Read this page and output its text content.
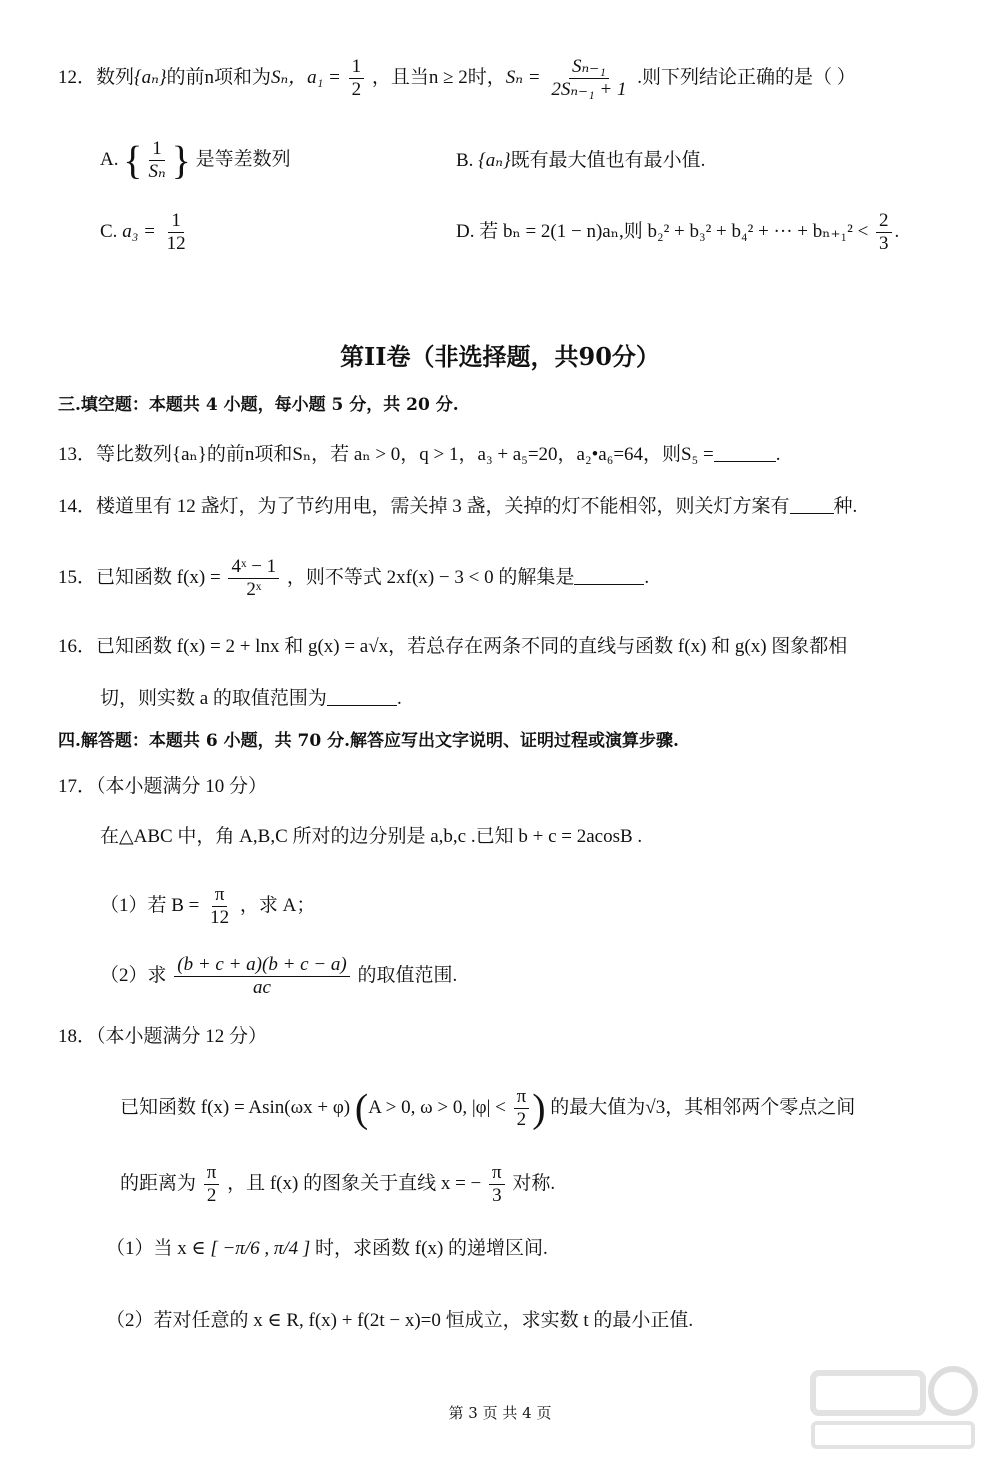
12．数列{aₙ}的前n项和为Sₙ，$a_1 = \frac{1}{2}$ ，且当n ≥ 2时，$S_n = \frac{\text{Sₙ₋₁}}{\text{2Sₙ₋₁ + 1}}$ .则下列结论正确的是（ ）
A. { $\frac{1}{\text{Sₙ}}$ } 是等差数列	B. {aₙ}既有最大值也有最小值.
C. $a_3 = \frac{1}{12}$	D. 若 bₙ = 2(1 − n)aₙ,则 b₂² + b₃² + b₄² + ··· + $b_{n+1}^2 < \frac{2}{3}$ .
第II卷（非选择题，共90分）
三.填空题：本题共 4 小题，每小题 5 分，共 20 分.
13．等比数列{aₙ}的前n项和Sₙ，若 aₙ > 0，q > 1，a₃ + a₅=20，a₂•a₆=64，则S₅ =	.
14．楼道里有 12 盏灯，为了节约用电，需关掉 3 盏，关掉的灯不能相邻，则关灯方案有 种.
15．已知函数 $f(x) = \frac{\text{4ˣ − 1}}{\text{2ˣ}}$ ，则不等式 2xf(x) − 3 < 0 的解集是	.
16．已知函数 f(x) = 2 + lnx 和 g(x) = a√x，若总存在两条不同的直线与函数 f(x) 和 g(x) 图象都相
切，则实数 a 的取值范围为	.
四.解答题：本题共 6 小题，共 70 分.解答应写出文字说明、证明过程或演算步骤.
17．（本小题满分 10 分）
在△ABC 中，角 A,B,C 所对的边分别是 a,b,c .已知 b + c = 2acosB .
（1）若 $B = \frac{\pi}{12}$ ，求 A；
（2）求 $\frac{(b + c + a)(b + c - a)}{ac}$ 的取值范围.
18．（本小题满分 12 分）
已知函数 f(x) = Asin(ωx + φ) (A > 0, ω > 0, $|\varphi| < \frac{\pi}{2}$ ) 的最大值为√3，其相邻两个零点之间
的距离为 $\frac{\pi}{2}$ ，且 f(x) 的图象关于直线 x = − $\frac{\pi}{3}$ 对称.
（1）当 x ∈ [ −π/6 , π/4 ] 时，求函数 f(x) 的递增区间.
（2）若对任意的 x ∈ R, f(x) + f(2t − x)=0 恒成立，求实数 t 的最小正值.
第 3 页 共 4 页
